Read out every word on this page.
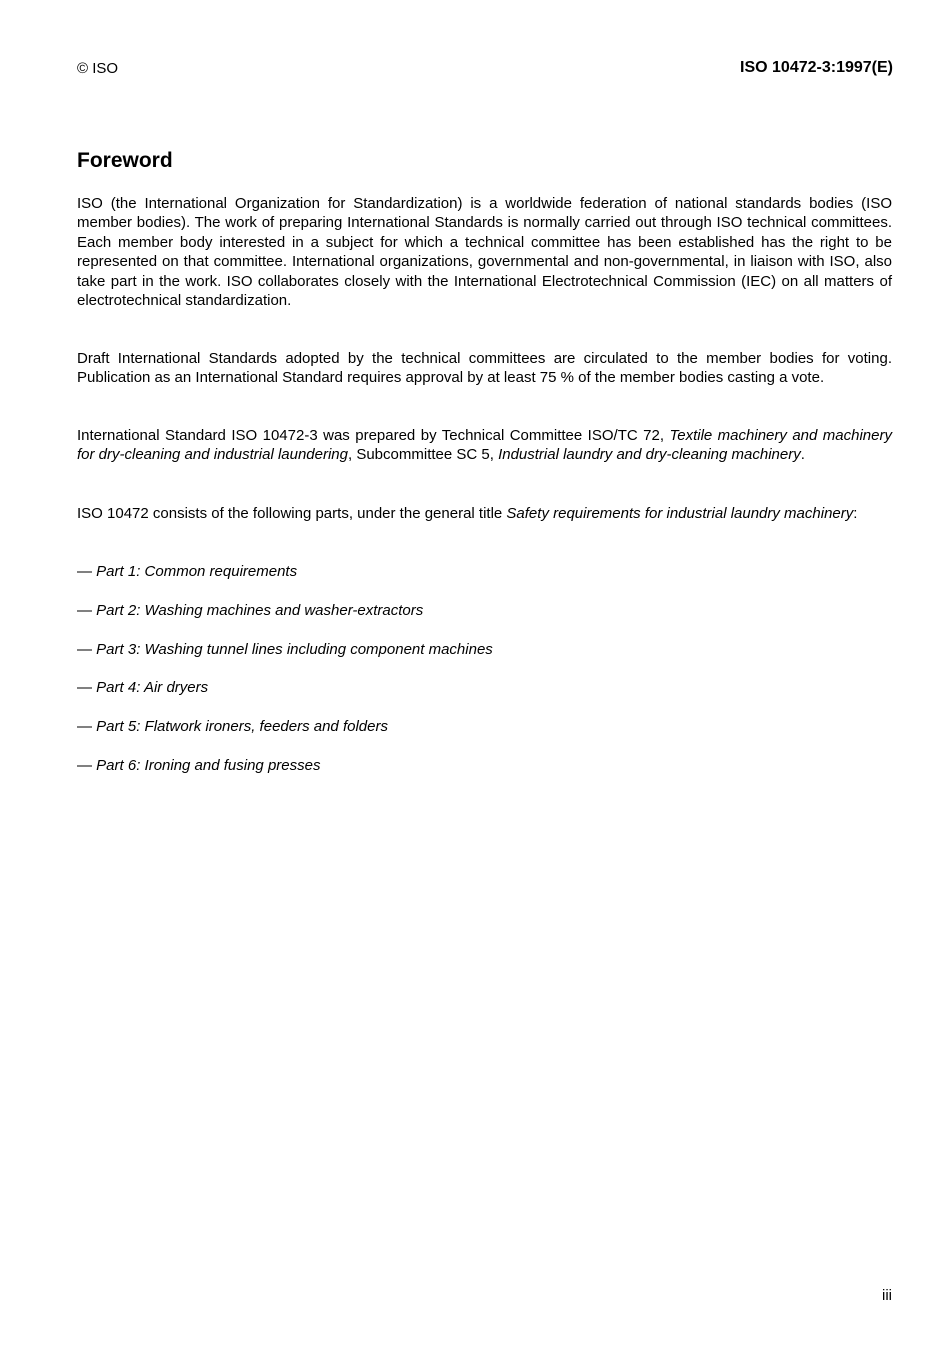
© ISO	ISO 10472-3:1997(E)
Foreword

ISO (the International Organization for Standardization) is a worldwide federation of national standards bodies (ISO member bodies). The work of preparing International Standards is normally carried out through ISO technical committees. Each member body interested in a subject for which a technical committee has been established has the right to be represented on that committee. International organizations, governmental and non-governmental, in liaison with ISO, also take part in the work. ISO collaborates closely with the International Electrotechnical Commission (IEC) on all matters of electrotechnical standardization.

Draft International Standards adopted by the technical committees are circulated to the member bodies for voting. Publication as an International Standard requires approval by at least 75 % of the member bodies casting a vote.

International Standard ISO 10472-3 was prepared by Technical Committee ISO/TC 72, Textile machinery and machinery for dry-cleaning and industrial laundering, Subcommittee SC 5, Industrial laundry and dry-cleaning machinery.

ISO 10472 consists of the following parts, under the general title Safety requirements for industrial laundry machinery:

— Part 1: Common requirements

— Part 2: Washing machines and washer-extractors

— Part 3: Washing tunnel lines including component machines

— Part 4: Air dryers

— Part 5: Flatwork ironers, feeders and folders

— Part 6: Ironing and fusing presses

iii
